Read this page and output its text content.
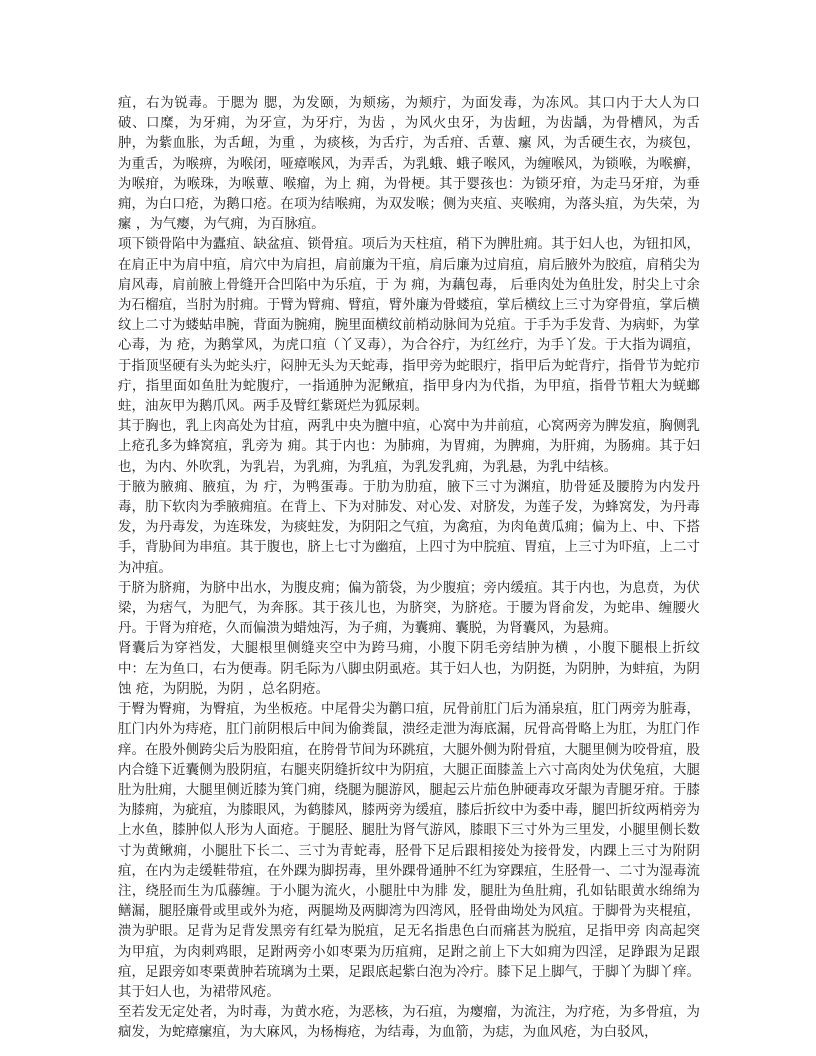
疽，右为锐毒。于腮为 腮，为发颐，为颊疡，为颊疔，为面发毒，为冻风。其口内于大人为口破、口糜，为牙痈，为牙宣，为牙疔，为齿 ，为风火虫牙，为齿衄，为齿龋，为骨槽风，为舌肿，为紫血胀，为舌衄，为重 ，为痰核，为舌疔，为舌疳、舌蕈、瘰 风，为舌硬生衣，为痰包，为重舌，为喉痹，为喉闭，哑瘴喉风，为弄舌，为乳蛾、蛾子喉风，为缠喉风，为锁喉，为喉癣，为喉疳，为喉珠，为喉蕈、喉瘤，为上 痈，为骨梗。其于婴孩也：为锁牙疳，为走马牙疳，为垂痈，为白口疮，为鹅口疮。在项为结喉痈，为双发喉；侧为夹疽、夹喉痈，为落头疽，为失荣，为瘰 ，为气瘿，为气痈，为百脉疽。

项下锁骨陷中为蠹疽、缺盆疽、锁骨疽。项后为天柱疽，稍下为脾肚痈。其于妇人也，为钮扣风，在肩正中为肩中疽，肩穴中为肩担，肩前廉为干疽，肩后廉为过肩疽，肩后腋外为胶疽，肩稍尖为肩风毒，肩前腋上骨缝开合凹陷中为乐疽，于 为 痈，为藕包毒， 后垂肉处为鱼肚发，肘尖上寸余为石榴疽，当肘为肘痈。于臂为臂痈、臂疽，臂外廉为骨蝼疽，掌后横纹上三寸为穿骨疽，掌后横纹上二寸为蝼蛄串腕，背面为腕痈，腕里面横纹前梢动脉间为兑疽。于手为手发背、为病虾，为掌心毒，为 疮，为鹅掌风，为虎口疽（丫叉毒），为合谷疔，为红丝疔，为手丫发。于大指为调疽，于指顶坚硬有头为蛇头疔，闷肿无头为天蛇毒，指甲旁为蛇眼疔，指甲后为蛇背疔，指骨节为蛇疖疔，指里面如鱼肚为蛇腹疔，一指通肿为泥鳅疽，指甲身内为代指，为甲疽，指骨节粗大为蜣螂蛀，油灰甲为鹅爪风。两手及臂红紫斑烂为狐尿刺。

其于胸也，乳上肉高处为甘疽，两乳中央为膻中疽，心窝中为井前疽，心窝两旁为脾发疽，胸侧乳上疮孔多为蜂窝疽，乳旁为 痈。其于内也：为肺痈，为胃痈，为脾痈，为肝痈，为肠痈。其于妇也，为内、外吹乳，为乳岩，为乳痈，为乳疽，为乳发乳痈，为乳悬，为乳中结核。

于腋为腋痈、腋疽，为 疔，为鸭蛋毒。于肋为肋疽，腋下三寸为渊疽，肋骨延及腰胯为内发丹毒，肋下软肉为季腋痈疽。在背上、下为对肺发、对心发、对脐发，为莲子发，为蜂窝发，为丹毒发，为丹毒发，为连珠发，为痰蛀发，为阴阳之气疽，为禽疽，为肉龟黄瓜痈；偏为上、中、下搭手，背胁间为串疽。其于腹也，脐上七寸为幽疽，上四寸为中脘疽、胃疽，上三寸为吓疽，上二寸为冲疽。

于脐为脐痈，为脐中出水，为腹皮痈；偏为箭袋，为少腹疽；旁内缓疽。其于内也，为息贲，为伏梁，为痞气，为肥气，为奔豚。其于孩儿也，为脐突，为脐疮。于腰为肾俞发，为蛇串、缠腰火丹。于肾为疳疮，久而偏溃为蜡烛泻，为子痈，为囊痈、囊脱，为肾囊风，为悬痈。

肾囊后为穿裆发，大腿根里侧缝夹空中为跨马痈，小腹下阴毛旁结肿为横 ，小腹下腿根上折纹中：左为鱼口，右为便毒。阴毛际为八脚虫阴虱疮。其于妇人也，为阴挺，为阴肿，为蚌疽，为阴蚀 疮，为阴脱，为阴 ，总名阴疮。

于臀为臀痈，为臀疽，为坐板疮。中尾骨尖为鹳口疽，尻骨前肛门后为涌泉疽，肛门两旁为脏毒，肛门内外为痔疮，肛门前阴根后中间为偷粪鼠，溃经走泄为海底漏，尻骨高骨略上为肛，为肛门作痒。在股外侧跨尖后为股阳疽，在胯骨节间为环跳疽，大腿外侧为附骨疽，大腿里侧为咬骨疽，股内合缝下近囊侧为股阴疽，右腿夹阴缝折纹中为阴疽，大腿正面膝盖上六寸高肉处为伏兔疽，大腿肚为肚痈，大腿里侧近膝为箕门痈，绕腿为腿游风，腿起云片茄色肿硬毒攻牙龈为青腿牙疳。于膝为膝痈，为疵疽，为膝眼风，为鹤膝风，膝两旁为缓疽，膝后折纹中为委中毒，腿凹折纹两梢旁为上水鱼，膝肿似人形为人面疮。于腿胫、腿肚为肾气游风，膝眼下三寸外为三里发，小腿里侧长数寸为黄鳅痈，小腿肚下长二、三寸为青蛇毒，胫骨下足后跟相接处为接骨发，内踝上三寸为附阴疽，在内为走缓鞋带疽，在外踝为脚拐毒，里外踝骨通肿不红为穿踝疽，生胫骨一、二寸为湿毒流注，绕胫而生为瓜藤缠。于小腿为流火，小腿肚中为腓 发，腿肚为鱼肚痈，孔如钻眼黄水绵绵为鳝漏，腿胫廉骨或里或外为疮，两腿坳及两脚湾为四湾风，胫骨曲坳处为风疽。于脚骨为夹棍疽，溃为驴眼。足背为足背发黑旁有红晕为脱疽，足无名指患色白而痛甚为脱疽，足指甲旁 肉高起突为甲疽，为肉刺鸡眼，足跗两旁小如枣栗为历疽痈，足跗之前上下大如痈为四淫，足踭跟为足跟疽，足跟旁如枣栗黄肿若琉璃为土栗，足跟底起紫白泡为冷疔。膝下足上脚气，于脚丫为脚丫痒。其于妇人也，为裙带风疮。

至若发无定处者，为时毒，为黄水疮，为恶核，为石疽，为瘿瘤，为流注，为疗疮，为多骨疽，为痼发，为蛇瘴瘰疽，为大麻风，为杨梅疮，为结毒，为血箭，为痣，为血风疮，为白驳风，
